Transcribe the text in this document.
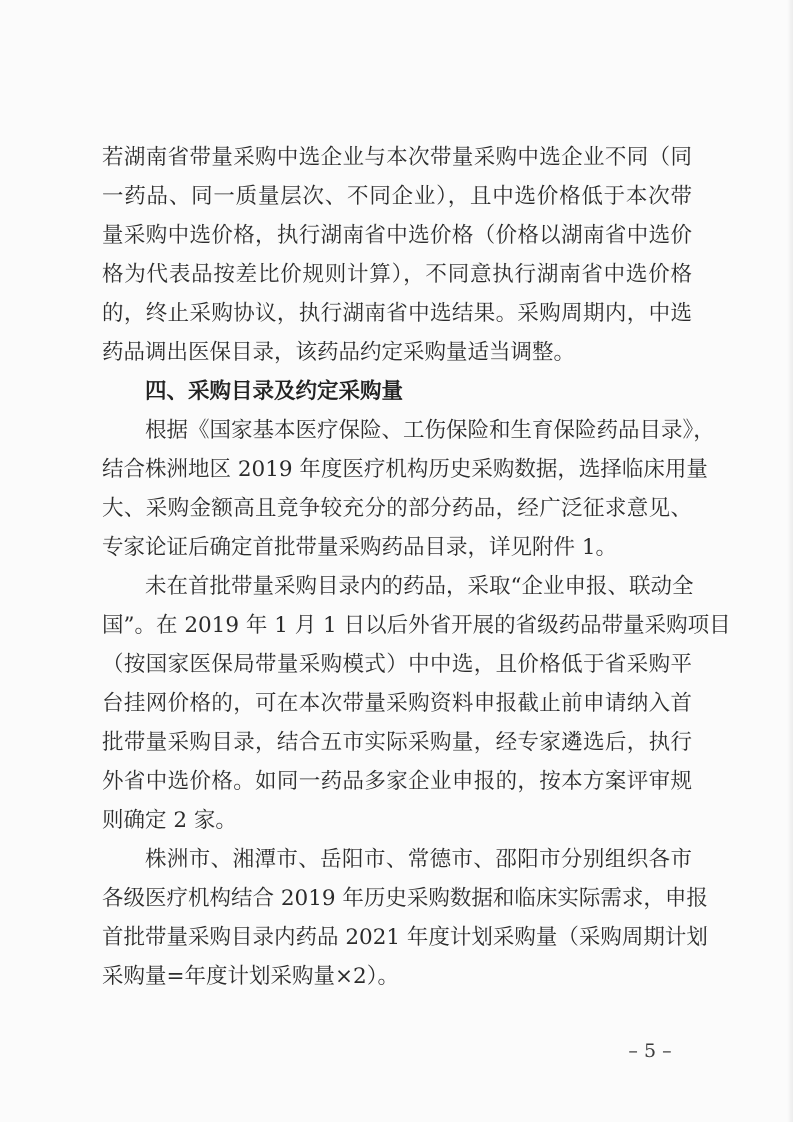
若湖南省带量采购中选企业与本次带量采购中选企业不同（同
一药品、同一质量层次、不同企业），且中选价格低于本次带
量采购中选价格，执行湖南省中选价格（价格以湖南省中选价
格为代表品按差比价规则计算），不同意执行湖南省中选价格
的，终止采购协议，执行湖南省中选结果。采购周期内，中选
药品调出医保目录，该药品约定采购量适当调整。
四、采购目录及约定采购量
根据《国家基本医疗保险、工伤保险和生育保险药品目录》，
结合株洲地区 2019 年度医疗机构历史采购数据，选择临床用量
大、采购金额高且竞争较充分的部分药品，经广泛征求意见、
专家论证后确定首批带量采购药品目录，详见附件 1。
未在首批带量采购目录内的药品，采取“企业申报、联动全
国”。在 2019 年 1 月 1 日以后外省开展的省级药品带量采购项目
（按国家医保局带量采购模式）中中选，且价格低于省采购平
台挂网价格的，可在本次带量采购资料申报截止前申请纳入首
批带量采购目录，结合五市实际采购量，经专家遴选后，执行
外省中选价格。如同一药品多家企业申报的，按本方案评审规
则确定 2 家。
株洲市、湘潭市、岳阳市、常德市、邵阳市分别组织各市
各级医疗机构结合 2019 年历史采购数据和临床实际需求，申报
首批带量采购目录内药品 2021 年度计划采购量（采购周期计划
采购量=年度计划采购量×2）。
– 5 –
